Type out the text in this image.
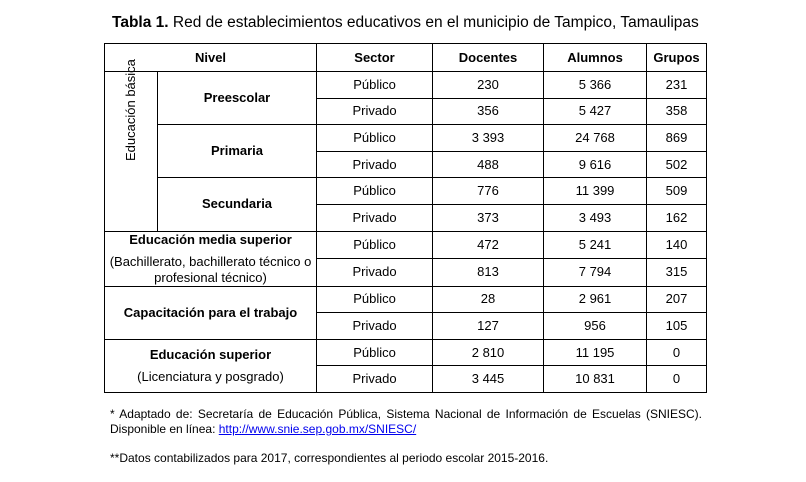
Tabla 1. Red de establecimientos educativos en el municipio de Tampico, Tamaulipas
Nivel		Sector	Docentes	Alumnos	Grupos

Educación básica	Preescolar	Público	230	5 366	231
		Privado	356	5 427	358
	Primaria	Público	3 393	24 768	869
		Privado	488	9 616	502
	Secundaria	Público	776	11 399	509
		Privado	373	3 493	162
Educación media superior
(Bachillerato, bachillerato técnico o profesional técnico)		Público	472	5 241	140
		Privado	813	7 794	315
Capacitación para el trabajo		Público	28	2 961	207
		Privado	127	956	105
Educación superior
(Licenciatura y posgrado)		Público	2 810	11 195	0
		Privado	3 445	10 831	0

* Adaptado de: Secretaría de Educación Pública, Sistema Nacional de Información de Escuelas (SNIESC). Disponible en línea: http://www.snie.sep.gob.mx/SNIESC/

**Datos contabilizados para 2017, correspondientes al periodo escolar 2015-2016.
